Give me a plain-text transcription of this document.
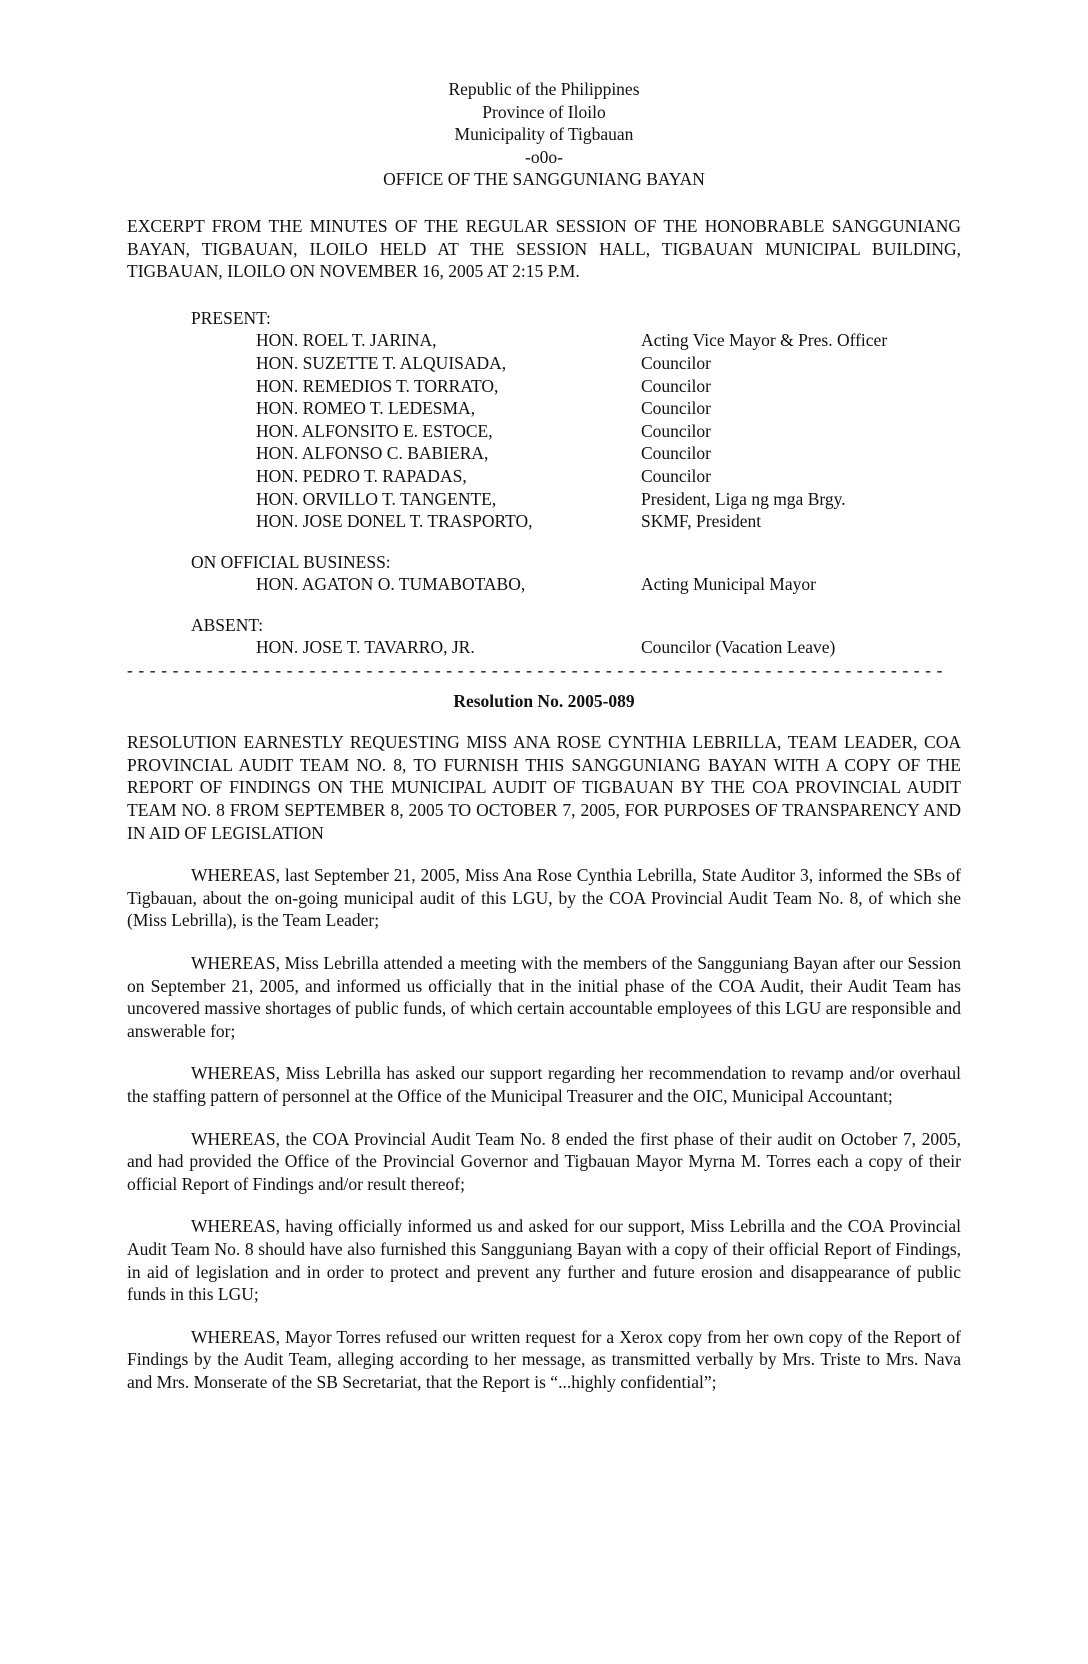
Republic of the Philippines
Province of Iloilo
Municipality of Tigbauan
-o0o-
OFFICE OF THE SANGGUNIANG BAYAN
EXCERPT FROM THE MINUTES OF THE REGULAR SESSION OF THE HONOBRABLE SANGGUNIANG BAYAN, TIGBAUAN, ILOILO HELD AT THE SESSION HALL, TIGBAUAN MUNICIPAL BUILDING, TIGBAUAN, ILOILO ON NOVEMBER 16, 2005 AT 2:15 P.M.
PRESENT:
HON. ROEL T. JARINA,	Acting Vice Mayor & Pres. Officer
HON. SUZETTE T. ALQUISADA,	Councilor
HON. REMEDIOS T. TORRATO,	Councilor
HON. ROMEO T. LEDESMA,	Councilor
HON. ALFONSITO E. ESTOCE,	Councilor
HON. ALFONSO C. BABIERA,	Councilor
HON. PEDRO T. RAPADAS,	Councilor
HON. ORVILLO T. TANGENTE,	President, Liga ng mga Brgy.
HON. JOSE DONEL T. TRASPORTO,	SKMF, President
ON OFFICIAL BUSINESS:
HON. AGATON O. TUMABOTABO,	Acting Municipal Mayor
ABSENT:
HON. JOSE T. TAVARRO, JR.	Councilor (Vacation Leave)
- - - - - - - - - - - - - - - - - - - - - - - - - - - - - - - - - - - - - - - - - - - - - - - - - - - - - - - - - - - - - - - - - - - - - - - -
Resolution No. 2005-089
RESOLUTION EARNESTLY REQUESTING MISS ANA ROSE CYNTHIA LEBRILLA, TEAM LEADER, COA PROVINCIAL AUDIT TEAM NO. 8, TO FURNISH THIS SANGGUNIANG BAYAN WITH A COPY OF THE REPORT OF FINDINGS ON THE MUNICIPAL AUDIT OF TIGBAUAN BY THE COA PROVINCIAL AUDIT TEAM NO. 8 FROM SEPTEMBER 8, 2005 TO OCTOBER 7, 2005, FOR PURPOSES OF TRANSPARENCY AND IN AID OF LEGISLATION
WHEREAS, last September 21, 2005, Miss Ana Rose Cynthia Lebrilla, State Auditor 3, informed the SBs of Tigbauan, about the on-going municipal audit of this LGU, by the COA Provincial Audit Team No. 8, of which she (Miss Lebrilla), is the Team Leader;
WHEREAS, Miss Lebrilla attended a meeting with the members of the Sangguniang Bayan after our Session on September 21, 2005, and informed us officially that in the initial phase of the COA Audit, their Audit Team has uncovered massive shortages of public funds, of which certain accountable employees of this LGU are responsible and answerable for;
WHEREAS, Miss Lebrilla has asked our support regarding her recommendation to revamp and/or overhaul the staffing pattern of personnel at the Office of the Municipal Treasurer and the OIC, Municipal Accountant;
WHEREAS, the COA Provincial Audit Team No. 8 ended the first phase of their audit on October 7, 2005, and had provided the Office of the Provincial Governor and Tigbauan Mayor Myrna M. Torres each a copy of their official Report of Findings and/or result thereof;
WHEREAS, having officially informed us and asked for our support, Miss Lebrilla and the COA Provincial Audit Team No. 8 should have also furnished this Sangguniang Bayan with a copy of their official Report of Findings, in aid of legislation and in order to protect and prevent any further and future erosion and disappearance of public funds in this LGU;
WHEREAS, Mayor Torres refused our written request for a Xerox copy from her own copy of the Report of Findings by the Audit Team, alleging according to her message, as transmitted verbally by Mrs. Triste to Mrs. Nava and Mrs. Monserate of the SB Secretariat, that the Report is “...highly confidential”;
